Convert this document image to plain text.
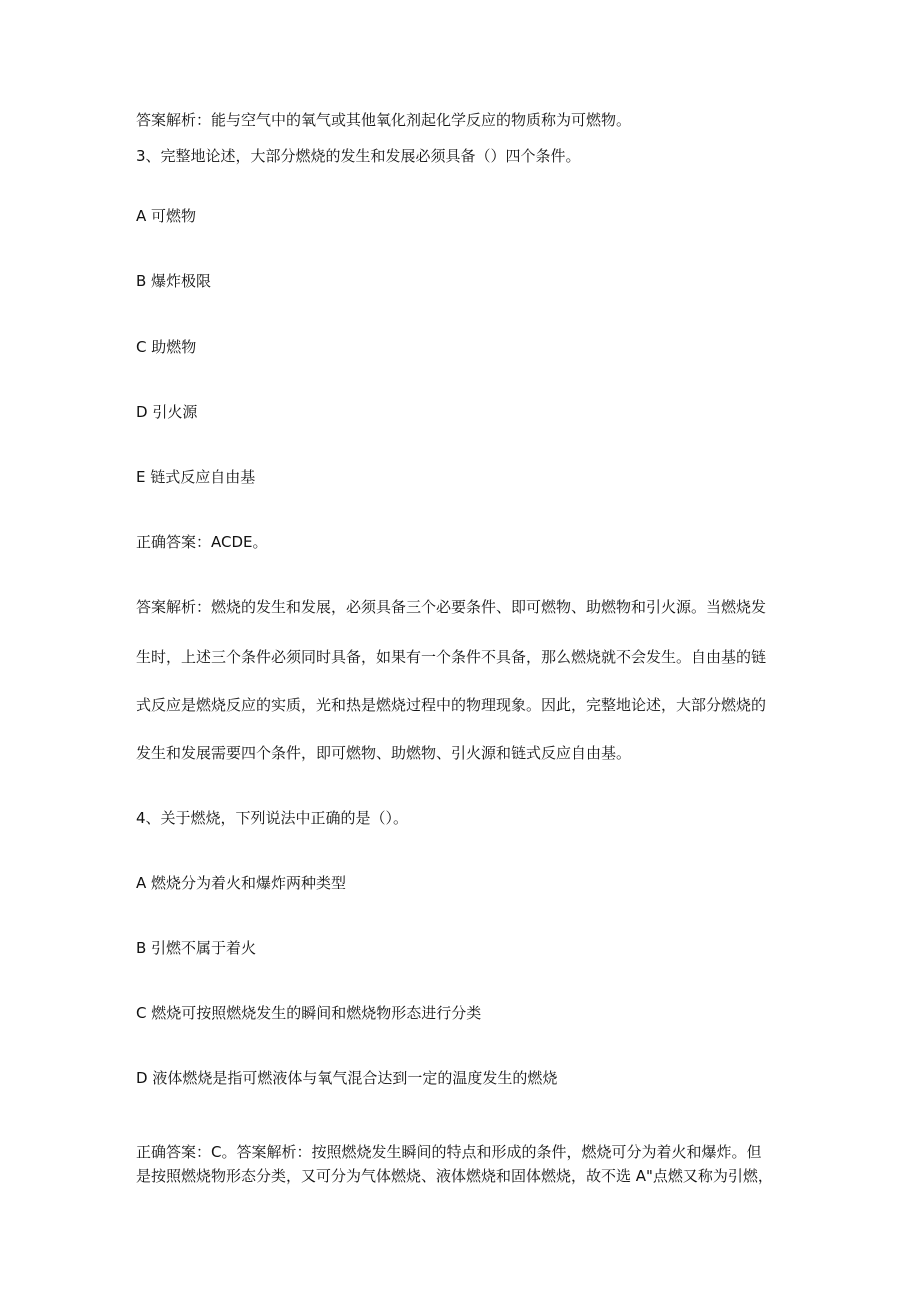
答案解析：能与空气中的氧气或其他氧化剂起化学反应的物质称为可燃物。
3、完整地论述，大部分燃烧的发生和发展必须具备（）四个条件。
A 可燃物
B 爆炸极限
C 助燃物
D 引火源
E 链式反应自由基
正确答案：ACDE。
答案解析：燃烧的发生和发展，必须具备三个必要条件、即可燃物、助燃物和引火源。当燃烧发
生时，上述三个条件必须同时具备，如果有一个条件不具备，那么燃烧就不会发生。自由基的链
式反应是燃烧反应的实质，光和热是燃烧过程中的物理现象。因此，完整地论述，大部分燃烧的
发生和发展需要四个条件，即可燃物、助燃物、引火源和链式反应自由基。
4、关于燃烧，下列说法中正确的是（）。
A 燃烧分为着火和爆炸两种类型
B 引燃不属于着火
C 燃烧可按照燃烧发生的瞬间和燃烧物形态进行分类
D 液体燃烧是指可燃液体与氧气混合达到一定的温度发生的燃烧
正确答案：C。答案解析：按照燃烧发生瞬间的特点和形成的条件，燃烧可分为着火和爆炸。但
是按照燃烧物形态分类，又可分为气体燃烧、液体燃烧和固体燃烧，故不选 A"点燃又称为引燃，
